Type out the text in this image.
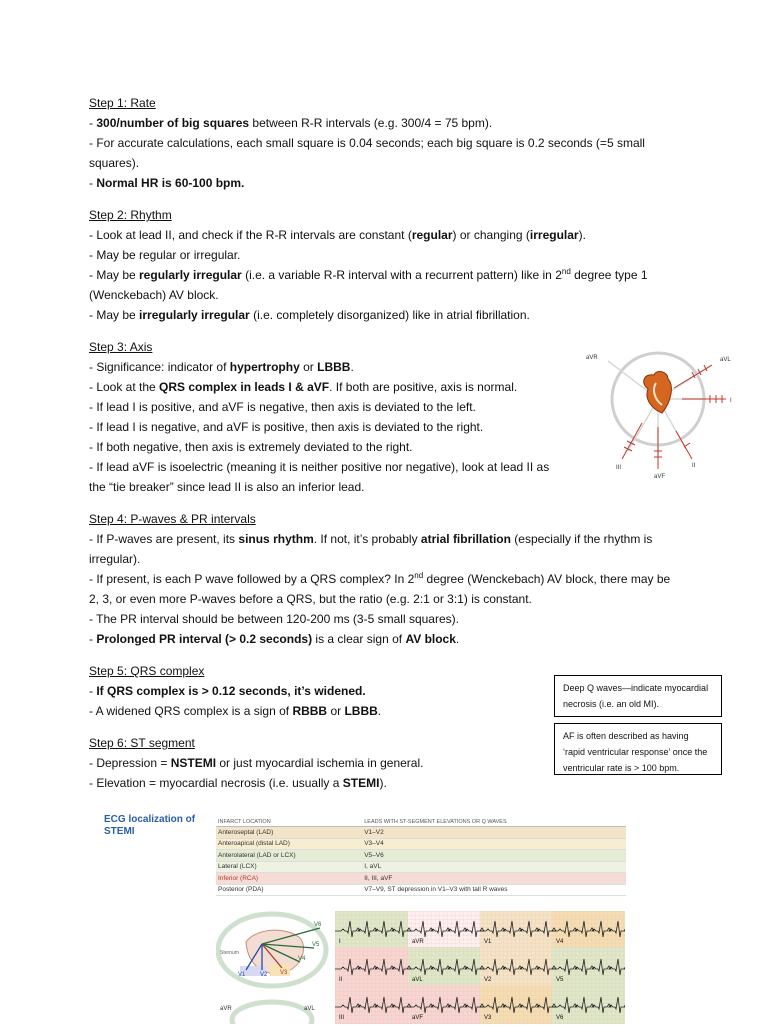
Step 1: Rate

- 300/number of big squares between R-R intervals (e.g. 300/4 = 75 bpm).

- For accurate calculations, each small square is 0.04 seconds; each big square is 0.2 seconds (=5 small squares).

- Normal HR is 60-100 bpm.

Step 2: Rhythm

- Look at lead II, and check if the R-R intervals are constant (regular) or changing (irregular).

- May be regular or irregular.

- May be regularly irregular (i.e. a variable R-R interval with a recurrent pattern) like in 2nd degree type 1 (Wenckebach) AV block.

- May be irregularly irregular (i.e. completely disorganized) like in atrial fibrillation.

Step 3: Axis

- Significance: indicator of hypertrophy or LBBB.

- Look at the QRS complex in leads I & aVF. If both are positive, axis is normal.

- If lead I is positive, and aVF is negative, then axis is deviated to the left.

- If lead I is negative, and aVF is positive, then axis is deviated to the right.

- If both negative, then axis is extremely deviated to the right.

- If lead aVF is isoelectric (meaning it is neither positive nor negative), look at lead II as the “tie breaker” since lead II is also an inferior lead.

Step 4: P-waves & PR intervals

- If P-waves are present, its sinus rhythm. If not, it’s probably atrial fibrillation (especially if the rhythm is irregular).

- If present, is each P wave followed by a QRS complex? In 2nd degree (Wenckebach) AV block, there may be 2, 3, or even more P-waves before a QRS, but the ratio (e.g. 2:1 or 3:1) is constant.

- The PR interval should be between 120-200 ms (3-5 small squares).

- Prolonged PR interval (> 0.2 seconds) is a clear sign of AV block.

Step 5: QRS complex

- If QRS complex is > 0.12 seconds, it’s widened.

- A widened QRS complex is a sign of RBBB or LBBB.

Step 6: ST segment

- Depression = NSTEMI or just myocardial ischemia in general.

- Elevation = myocardial necrosis (i.e. usually a STEMI).

Deep Q waves—indicate myocardial necrosis (i.e. an old MI).
AF is often described as having ‘rapid ventricular response’ once the ventricular rate is > 100 bpm.
aVR	aVL
I
III
aVF
II
ECG localization of STEMI
INFARCT LOCATION	LEADS WITH ST-SEGMENT ELEVATIONS OR Q WAVES
Anteroseptal (LAD)	V1–V2
Anteroapical (distal LAD)	V3–V4
Anterolateral (LAD or LCX)	V5–V6
Lateral (LCX)	I, aVL
Inferior (RCA)	II, III, aVF
Posterior (PDA)	V7–V9, ST depression in V1–V3 with tall R waves
Sternum
V6
V5
V4
V3
V2
V1
aVR	aVL
I	aVR	V1	V4
II	aVL	V2	V5
III	aVF	V3	V6
